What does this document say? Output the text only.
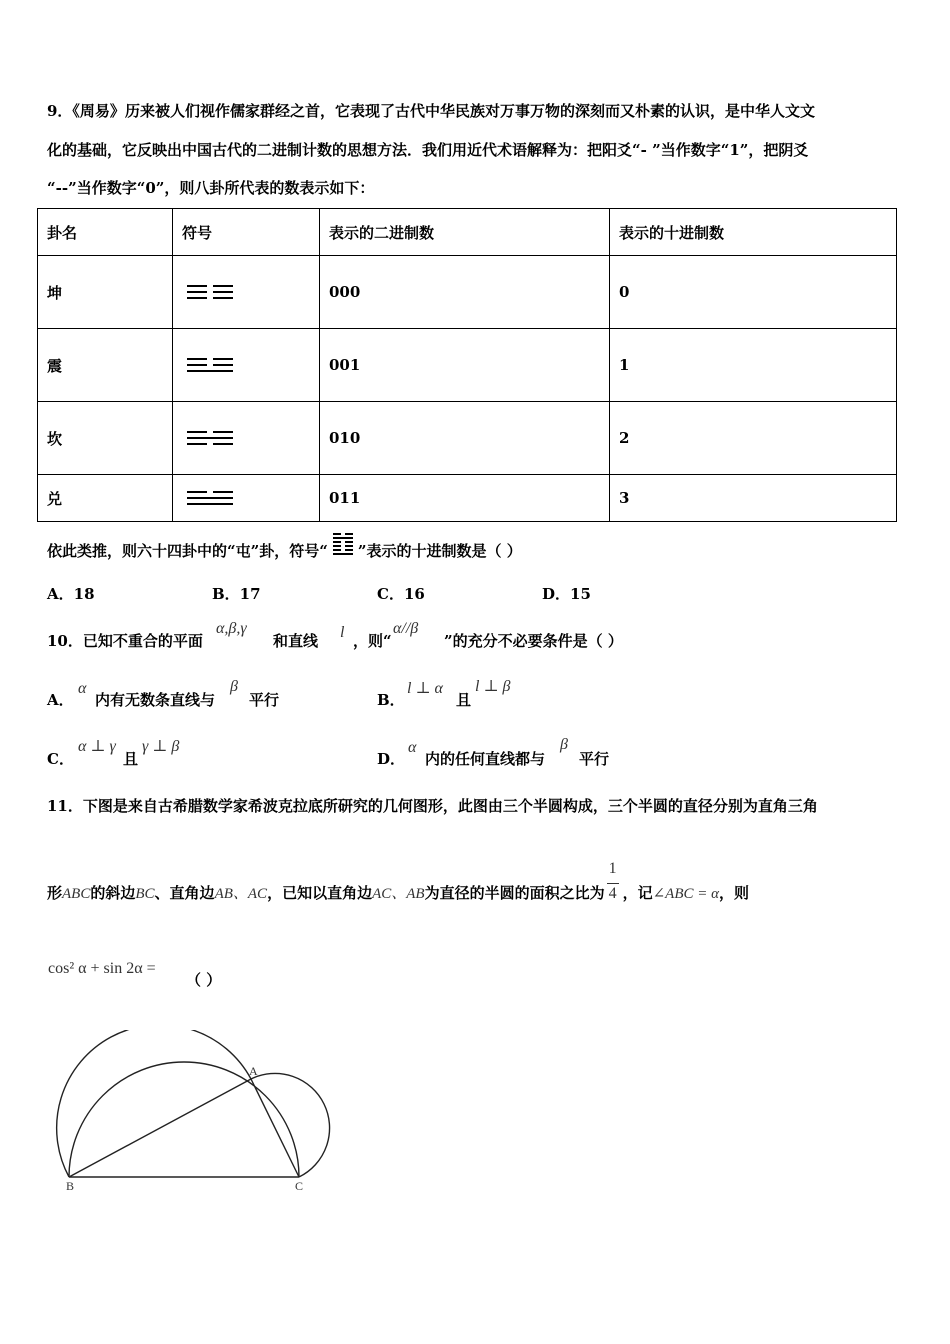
9．《周易》历来被人们视作儒家群经之首，它表现了古代中华民族对万事万物的深刻而又朴素的认识，是中华人文文
化的基础，它反映出中国古代的二进制计数的思想方法．我们用近代术语解释为：把阳爻“- ”当作数字“1”，把阴爻
“--”当作数字“0”，则八卦所代表的数表示如下：
卦名	符号	表示的二进制数	表示的十进制数
坤		000	0
震		001	1
坎		010	2
兑		011	3
依此类推，则六十四卦中的“屯”卦，符号“ ”表示的十进制数是（ ）
A．18	B．17	C．16	D．15
10．已知不重合的平面
α,β,γ
和直线 l ，则“
α//β
”的充分不必要条件是（ ）
A．
α
内有无数条直线与
β
平行	B．
l ⊥ α
且
l ⊥ β
C．
α ⊥ γ
且
γ ⊥ β
D．
α
内的任何直线都与
β
平行
11．下图是来自古希腊数学家希波克拉底所研究的几何图形，此图由三个半圆构成，三个半圆的直径分别为直角三角
形ABC的斜边BC、直角边AB、AC，已知以直角边AC、AB为直径的半圆的面积之比为 $\frac{1}{4}$ ，记∠ABC = α，则
cos² α + sin 2α =
（ ）
A
B	C
